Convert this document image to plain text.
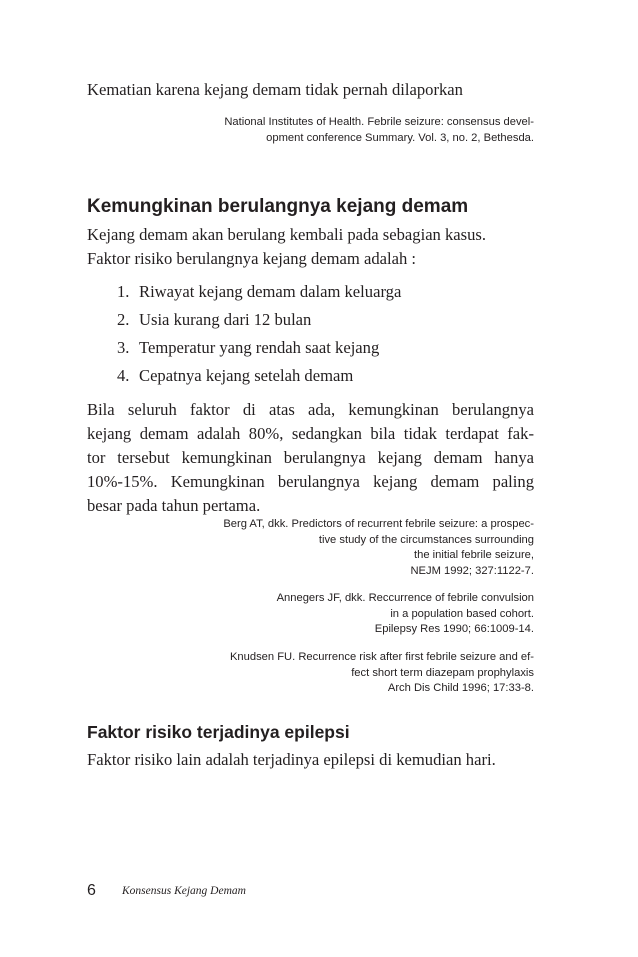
Kematian karena kejang demam tidak pernah dilaporkan

National Institutes of Health. Febrile seizure: consensus devel-
opment conference Summary. Vol. 3, no. 2, Bethesda.
Kemungkinan berulangnya kejang demam
Kejang demam akan berulang kembali pada sebagian kasus.
Faktor risiko berulangnya kejang demam adalah :
1. Riwayat kejang demam dalam keluarga
2. Usia kurang dari 12 bulan
3. Temperatur yang rendah saat kejang
4. Cepatnya kejang setelah demam
Bila seluruh faktor di atas ada, kemungkinan berulangnya
kejang demam adalah 80%, sedangkan bila tidak terdapat fak-
tor tersebut kemungkinan berulangnya kejang demam hanya
10%-15%. Kemungkinan berulangnya kejang demam paling
besar pada tahun pertama.
Berg AT, dkk. Predictors of recurrent febrile seizure: a prospec-
tive study of the circumstances surrounding
the initial febrile seizure,
NEJM 1992; 327:1122-7.
Annegers JF, dkk. Reccurrence of febrile convulsion
in a population based cohort.
Epilepsy Res 1990; 66:1009-14.
Knudsen FU. Recurrence risk after first febrile seizure and ef-
fect short term diazepam prophylaxis
Arch Dis Child 1996; 17:33-8.
Faktor risiko terjadinya epilepsi

Faktor risiko lain adalah terjadinya epilepsi di kemudian hari.

6 Konsensus Kejang Demam
